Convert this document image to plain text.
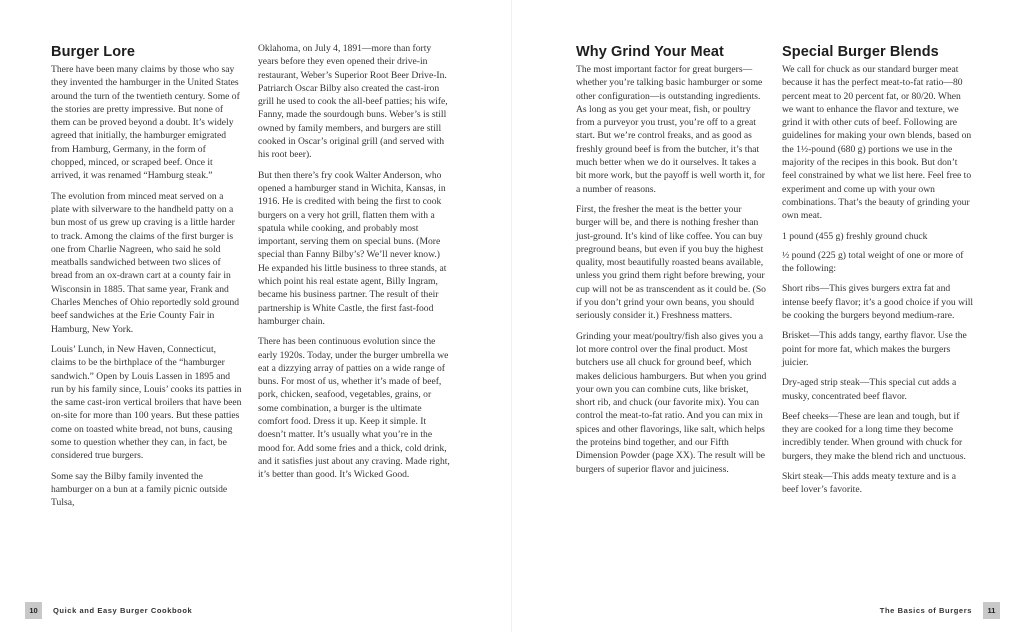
Burger Lore

There have been many claims by those who say they invented the hamburger in the United States around the turn of the twentieth century. Some of the stories are pretty impressive. But none of them can be proved beyond a doubt. It’s widely agreed that initially, the hamburger emigrated from Hamburg, Germany, in the form of chopped, minced, or scraped beef. Once it arrived, it was renamed “Hamburg steak.”

The evolution from minced meat served on a plate with silverware to the handheld patty on a bun most of us grew up craving is a little harder to track. Among the claims of the first burger is one from Charlie Nagreen, who said he sold meatballs sandwiched between two slices of bread from an ox-drawn cart at a county fair in Wisconsin in 1885. That same year, Frank and Charles Menches of Ohio reportedly sold ground beef sandwiches at the Erie County Fair in Hamburg, New York.

Louis’ Lunch, in New Haven, Connecticut, claims to be the birthplace of the “hamburger sandwich.” Open by Louis Lassen in 1895 and run by his family since, Louis’ cooks its patties in the same cast-iron vertical broilers that have been on-site for more than 100 years. But these patties come on toasted white bread, not buns, causing some to question whether they can, in fact, be considered true burgers.

Some say the Bilby family invented the hamburger on a bun at a family picnic outside Tulsa,

Oklahoma, on July 4, 1891—more than forty years before they even opened their drive-in restaurant, Weber’s Superior Root Beer Drive-In. Patriarch Oscar Bilby also created the cast-iron grill he used to cook the all-beef patties; his wife, Fanny, made the sourdough buns. Weber’s is still owned by family members, and burgers are still cooked in Oscar’s original grill (and served with his root beer).

But then there’s fry cook Walter Anderson, who opened a hamburger stand in Wichita, Kansas, in 1916. He is credited with being the first to cook burgers on a very hot grill, flatten them with a spatula while cooking, and probably most important, serving them on special buns. (More special than Fanny Bilby’s? We’ll never know.) He expanded his little business to three stands, at which point his real estate agent, Billy Ingram, became his business partner. The result of their partnership is White Castle, the first fast-food hamburger chain.

There has been continuous evolution since the early 1920s. Today, under the burger umbrella we eat a dizzying array of patties on a wide range of buns. For most of us, whether it’s made of beef, pork, chicken, seafood, vegetables, grains, or some combination, a burger is the ultimate comfort food. Dress it up. Keep it simple. It doesn’t matter. It’s usually what you’re in the mood for. Add some fries and a thick, cold drink, and it satisfies just about any craving. Made right, it’s better than good. It’s Wicked Good.

10	Quick and Easy Burger Cookbook
Why Grind Your Meat

The most important factor for great burgers—whether you’re talking basic hamburger or some other configuration—is outstanding ingredients. As long as you get your meat, fish, or poultry from a purveyor you trust, you’re off to a great start. But we’re control freaks, and as good as freshly ground beef is from the butcher, it’s that much better when we do it ourselves. It takes a bit more work, but the payoff is well worth it, for a number of reasons.

First, the fresher the meat is the better your burger will be, and there is nothing fresher than just-ground. It’s kind of like coffee. You can buy preground beans, but even if you buy the highest quality, most beautifully roasted beans available, unless you grind them right before brewing, your cup will not be as transcendent as it could be. (So if you don’t grind your own beans, you should seriously consider it.) Freshness matters.

Grinding your meat/poultry/fish also gives you a lot more control over the final product. Most butchers use all chuck for ground beef, which makes delicious hamburgers. But when you grind your own you can combine cuts, like brisket, short rib, and chuck (our favorite mix). You can control the meat-to-fat ratio. And you can mix in spices and other flavorings, like salt, which helps the proteins bind together, and our Fifth Dimension Powder (page XX). The result will be burgers of superior flavor and juiciness.

Special Burger Blends

We call for chuck as our standard burger meat because it has the perfect meat-to-fat ratio—80 percent meat to 20 percent fat, or 80/20. When we want to enhance the flavor and texture, we grind it with other cuts of beef. Following are guidelines for making your own blends, based on the 1½-pound (680 g) portions we use in the majority of the recipes in this book. But don’t feel constrained by what we list here. Feel free to experiment and come up with your own combinations. That’s the beauty of grinding your own meat.

1 pound (455 g) freshly ground chuck

½ pound (225 g) total weight of one or more of the following:

Short ribs—This gives burgers extra fat and intense beefy flavor; it’s a good choice if you will be cooking the burgers beyond medium-rare.

Brisket—This adds tangy, earthy flavor. Use the point for more fat, which makes the burgers juicier.

Dry-aged strip steak—This special cut adds a musky, concentrated beef flavor.

Beef cheeks—These are lean and tough, but if they are cooked for a long time they become incredibly tender. When ground with chuck for burgers, they make the blend rich and unctuous.

Skirt steak—This adds meaty texture and is a beef lover’s favorite.

The Basics of Burgers	11
